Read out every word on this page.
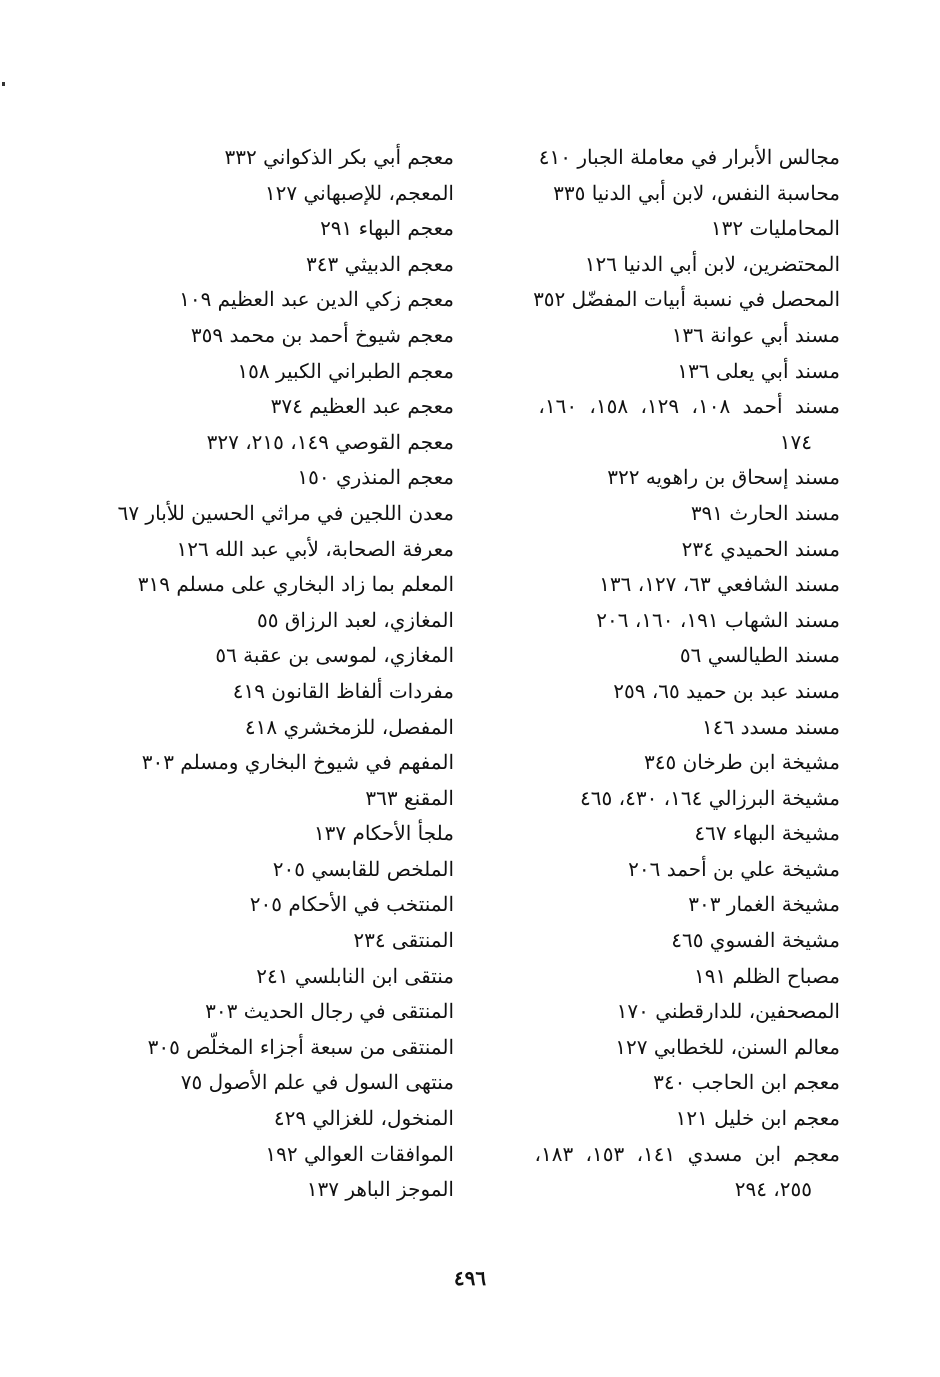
مجالس الأبرار في معاملة الجبار ٤١٠
محاسبة النفس، لابن أبي الدنيا ٣٣٥
المحامليات ١٣٢
المحتضرين، لابن أبي الدنيا ١٢٦
المحصل في نسبة أبيات المفضّل ٣٥٢
مسند أبي عوانة ١٣٦
مسند أبي يعلى ١٣٦
مسند أحمد ١٠٨، ١٢٩، ١٥٨، ١٦٠،
١٧٤
مسند إسحاق بن راهويه ٣٢٢
مسند الحارث ٣٩١
مسند الحميدي ٢٣٤
مسند الشافعي ٦٣، ١٢٧، ١٣٦
مسند الشهاب ١٩١، ١٦٠، ٢٠٦
مسند الطيالسي ٥٦
مسند عبد بن حميد ٦٥، ٢٥٩
مسند مسدد ١٤٦
مشيخة ابن طرخان ٣٤٥
مشيخة البرزالي ١٦٤، ٤٣٠، ٤٦٥
مشيخة البهاء ٤٦٧
مشيخة علي بن أحمد ٢٠٦
مشيخة الغمار ٣٠٣
مشيخة الفسوي ٤٦٥
مصباح الظلم ١٩١
المصحفين، للدارقطني ١٧٠
معالم السنن، للخطابي ١٢٧
معجم ابن الحاجب ٣٤٠
معجم ابن خليل ١٢١
معجم ابن مسدي ١٤١، ١٥٣، ١٨٣،
٢٥٥، ٢٩٤
معجم أبي بكر الذكواني ٣٣٢
المعجم، للإصبهاني ١٢٧
معجم البهاء ٢٩١
معجم الدبيثي ٣٤٣
معجم زكي الدين عبد العظيم ١٠٩
معجم شيوخ أحمد بن محمد ٣٥٩
معجم الطبراني الكبير ١٥٨
معجم عبد العظيم ٣٧٤
معجم القوصي ١٤٩، ٢١٥، ٣٢٧
معجم المنذري ١٥٠
معدن اللجين في مراثي الحسين للأبار ٦٧
معرفة الصحابة، لأبي عبد الله ١٢٦
المعلم بما زاد البخاري على مسلم ٣١٩
المغازي، لعبد الرزاق ٥٥
المغازي، لموسى بن عقبة ٥٦
مفردات ألفاظ القانون ٤١٩
المفصل، للزمخشري ٤١٨
المفهم في شيوخ البخاري ومسلم ٣٠٣
المقنع ٣٦٣
ملجأ الأحكام ١٣٧
الملخص للقابسي ٢٠٥
المنتخب في الأحكام ٢٠٥
المنتقى ٢٣٤
منتقى ابن النابلسي ٢٤١
المنتقى في رجال الحديث ٣٠٣
المنتقى من سبعة أجزاء المخلّص ٣٠٥
منتهى السول في علم الأصول ٧٥
المنخول، للغزالي ٤٢٩
الموافقات العوالي ١٩٢
الموجز الباهر ١٣٧
٤٩٦
